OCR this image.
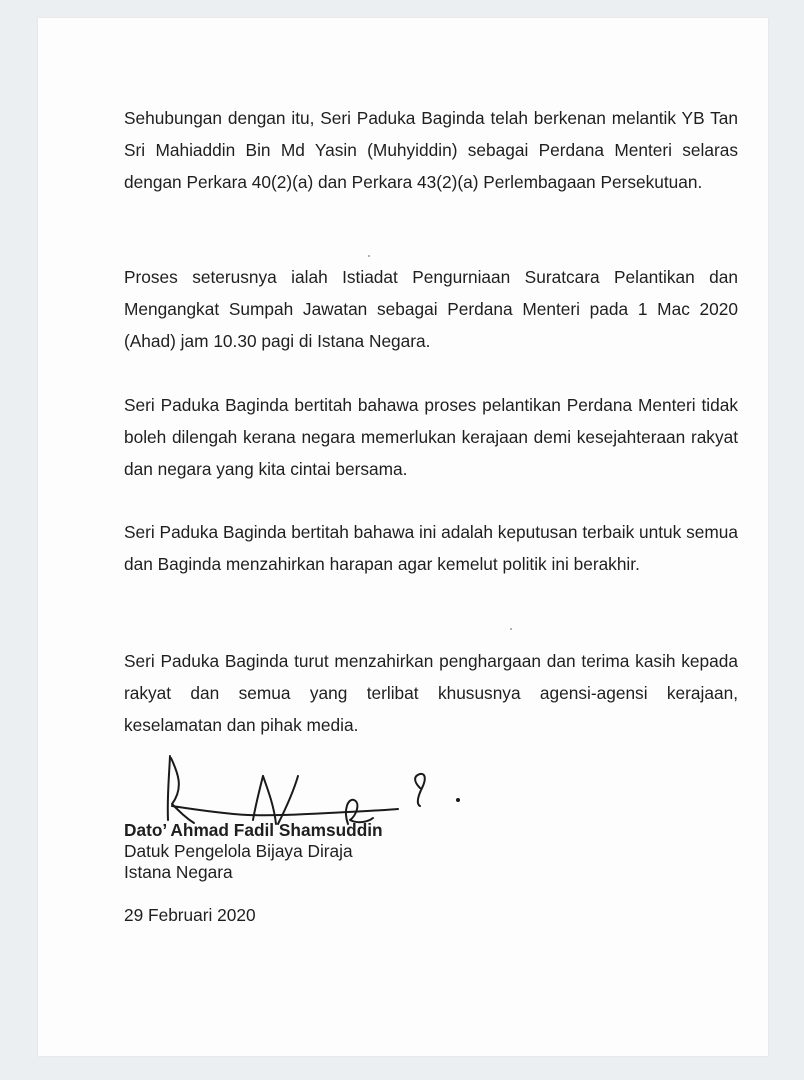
Sehubungan dengan itu, Seri Paduka Baginda telah berkenan melantik YB Tan Sri Mahiaddin Bin Md Yasin (Muhyiddin) sebagai Perdana Menteri selaras dengan Perkara 40(2)(a) dan Perkara 43(2)(a) Perlembagaan Persekutuan.

Proses seterusnya ialah Istiadat Pengurniaan Suratcara Pelantikan dan Mengangkat Sumpah Jawatan sebagai Perdana Menteri pada 1 Mac 2020 (Ahad) jam 10.30 pagi di Istana Negara.

Seri Paduka Baginda bertitah bahawa proses pelantikan Perdana Menteri tidak boleh dilengah kerana negara memerlukan kerajaan demi kesejahteraan rakyat dan negara yang kita cintai bersama.

Seri Paduka Baginda bertitah bahawa ini adalah keputusan terbaik untuk semua dan Baginda menzahirkan harapan agar kemelut politik ini berakhir.

Seri Paduka Baginda turut menzahirkan penghargaan dan terima kasih kepada rakyat dan semua yang terlibat khususnya agensi-agensi kerajaan, keselamatan dan pihak media.

Dato’ Ahmad Fadil Shamsuddin
Datuk Pengelola Bijaya Diraja
Istana Negara
29 Februari 2020
